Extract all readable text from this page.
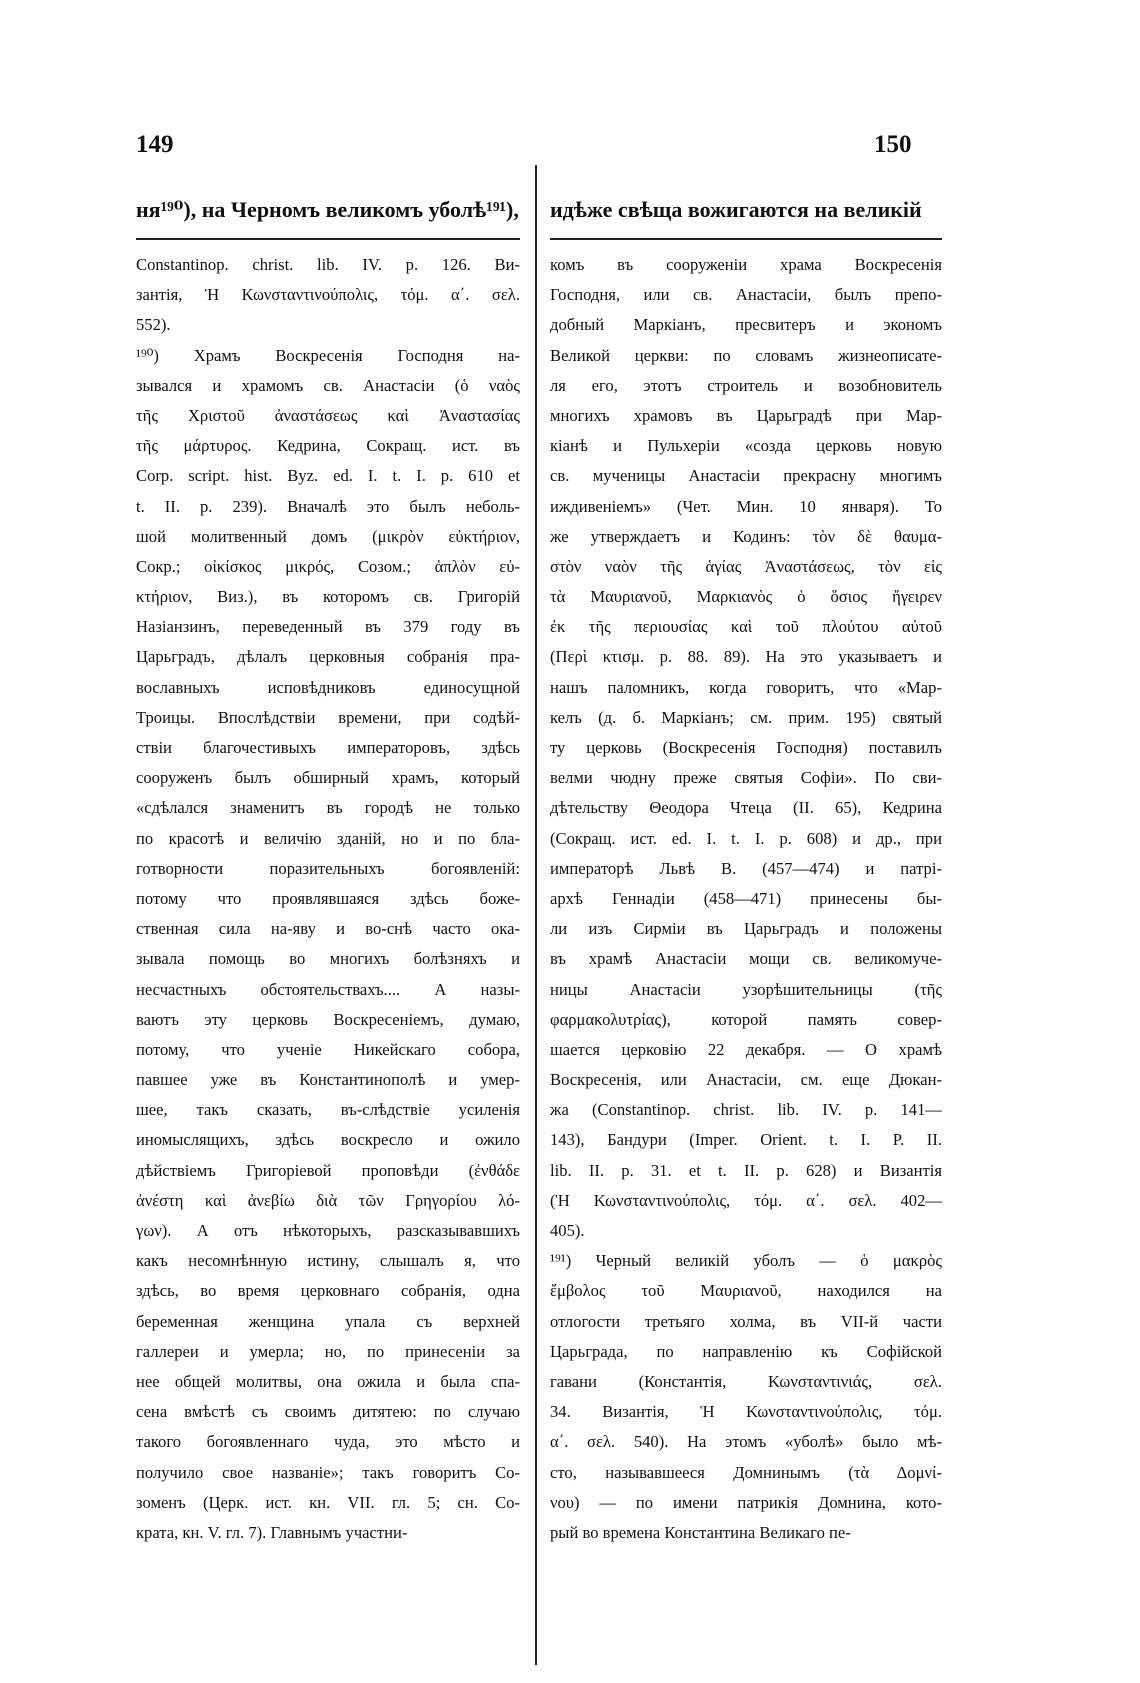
149	150
ня¹⁹⁰), на Черномъ великомъ уболѣ¹⁹¹),
Constantinop. christ. lib. IV. p. 126. Ви-
зантія, Ἡ Κωνσταντινούπολις, τόμ. α΄. σελ.
552).
¹⁹⁰) Храмъ Воскресенія Господня на-
зывался и храмомъ св. Анастасіи (ὁ ναὸς
τῆς Χριστοῦ ἀναστάσεως καὶ Ἀναστασίας
τῆς μάρτυρος. Кедрина, Сокращ. ист. въ
Corp. script. hist. Byz. ed. I. t. I. p. 610 et
t. II. p. 239). Вначалѣ это былъ неболь-
шой молитвенный домъ (μικρὸν εὐκτήριον,
Сокр.; οἰκίσκος μικρός, Созом.; ἁπλὸν εὐ-
κτήριον, Виз.), въ которомъ св. Григорій
Назіанзинъ, переведенный въ 379 году въ
Царьградъ, дѣлалъ церковныя собранія пра-
вославныхъ исповѣдниковъ единосущной
Троицы. Впослѣдствіи времени, при содѣй-
ствіи благочестивыхъ императоровъ, здѣсь
сооруженъ былъ обширный храмъ, который
«сдѣлался знаменитъ въ городѣ не только
по красотѣ и величію зданій, но и по бла-
готворности поразительныхъ богоявленій:
потому что проявлявшаяся здѣсь боже-
ственная сила на-яву и во-снѣ часто ока-
зывала помощь во многихъ болѣзняхъ и
несчастныхъ обстоятельствахъ.... А назы-
ваютъ эту церковь Воскресеніемъ, думаю,
потому, что ученіе Никейскаго собора,
павшее уже въ Константинополѣ и умер-
шее, такъ сказать, въ-слѣдствіе усиленія
иномыслящихъ, здѣсь воскресло и ожило
дѣйствіемъ Григоріевой проповѣди (ἐνθάδε
ἀνέστη καὶ ἀνεβίω διὰ τῶν Γρηγορίου λό-
γων). А отъ нѣкоторыхъ, разсказывавшихъ
какъ несомнѣнную истину, слышалъ я, что
здѣсь, во время церковнаго собранія, одна
беременная женщина упала съ верхней
галлереи и умерла; но, по принесеніи за
нее общей молитвы, она ожила и была спа-
сена вмѣстѣ съ своимъ дитятею: по случаю
такого богоявленнаго чуда, это мѣсто и
получило свое названіе»; такъ говоритъ Со-
зоменъ (Церк. ист. кн. VII. гл. 5; сн. Со-
крата, кн. V. гл. 7). Главнымъ участни-
идѣже свѣща вожигаются на великій
комъ въ сооруженіи храма Воскресенія
Господня, или св. Анастасіи, былъ препо-
добный Маркіанъ, пресвитеръ и экономъ
Великой церкви: по словамъ жизнеописате-
ля его, этотъ строитель и возобновитель
многихъ храмовъ въ Царьградѣ при Мар-
кіанѣ и Пульхеріи «созда церковь новую
св. мученицы Анастасіи прекрасну многимъ
иждивеніемъ» (Чет. Мин. 10 января). То
же утверждаетъ и Кодинъ: τὸν δὲ θαυμα-
στὸν ναὸν τῆς ἁγίας Ἀναστάσεως, τὸν εἰς
τὰ Μαυριανοῦ, Μαρκιανὸς ὁ ὅσιος ἤγειρεν
ἐκ τῆς περιουσίας καὶ τοῦ πλούτου αὐτοῦ
(Περὶ κτισμ. p. 88. 89). На это указываетъ и
нашъ паломникъ, когда говоритъ, что «Мар-
келъ (д. б. Маркіанъ; см. прим. 195) святый
ту церковь (Воскресенія Господня) поставилъ
велми чюдну преже святыя Софіи». По сви-
дѣтельству Θеодора Чтеца (II. 65), Кедрина
(Сокращ. ист. ed. I. t. I. p. 608) и др., при
императорѣ Львѣ В. (457—474) и патрі-
архѣ Геннадіи (458—471) принесены бы-
ли изъ Сирміи въ Царьградъ и положены
въ храмѣ Анастасіи мощи св. великомуче-
ницы Анастасіи узорѣшительницы (τῆς
φαρμακολυτρίας), которой память совер-
шается церковію 22 декабря. — О храмѣ
Воскресенія, или Анастасіи, см. еще Дюкан-
жа (Constantinop. christ. lib. IV. p. 141—
143), Бандури (Imper. Orient. t. I. P. II.
lib. II. p. 31. et t. II. p. 628) и Византія
(Ἡ Κωνσταντινούπολις, τόμ. α΄. σελ. 402—
405).
¹⁹¹) Черный великій уболъ — ὁ μακρὸς
ἔμβολος τοῦ Μαυριανοῦ, находился на
отлогости третьяго холма, въ VII-й части
Царьграда, по направленію къ Софійской
гавани (Константія, Κωνσταντινιάς, σελ.
34. Византія, Ἡ Κωνσταντινούπολις, τόμ.
α΄. σελ. 540). На этомъ «уболѣ» было мѣ-
сто, называвшееся Домнинымъ (τὰ Δομνί-
νου) — по имени патрикія Домнина, кото-
рый во времена Константина Великаго пе-
